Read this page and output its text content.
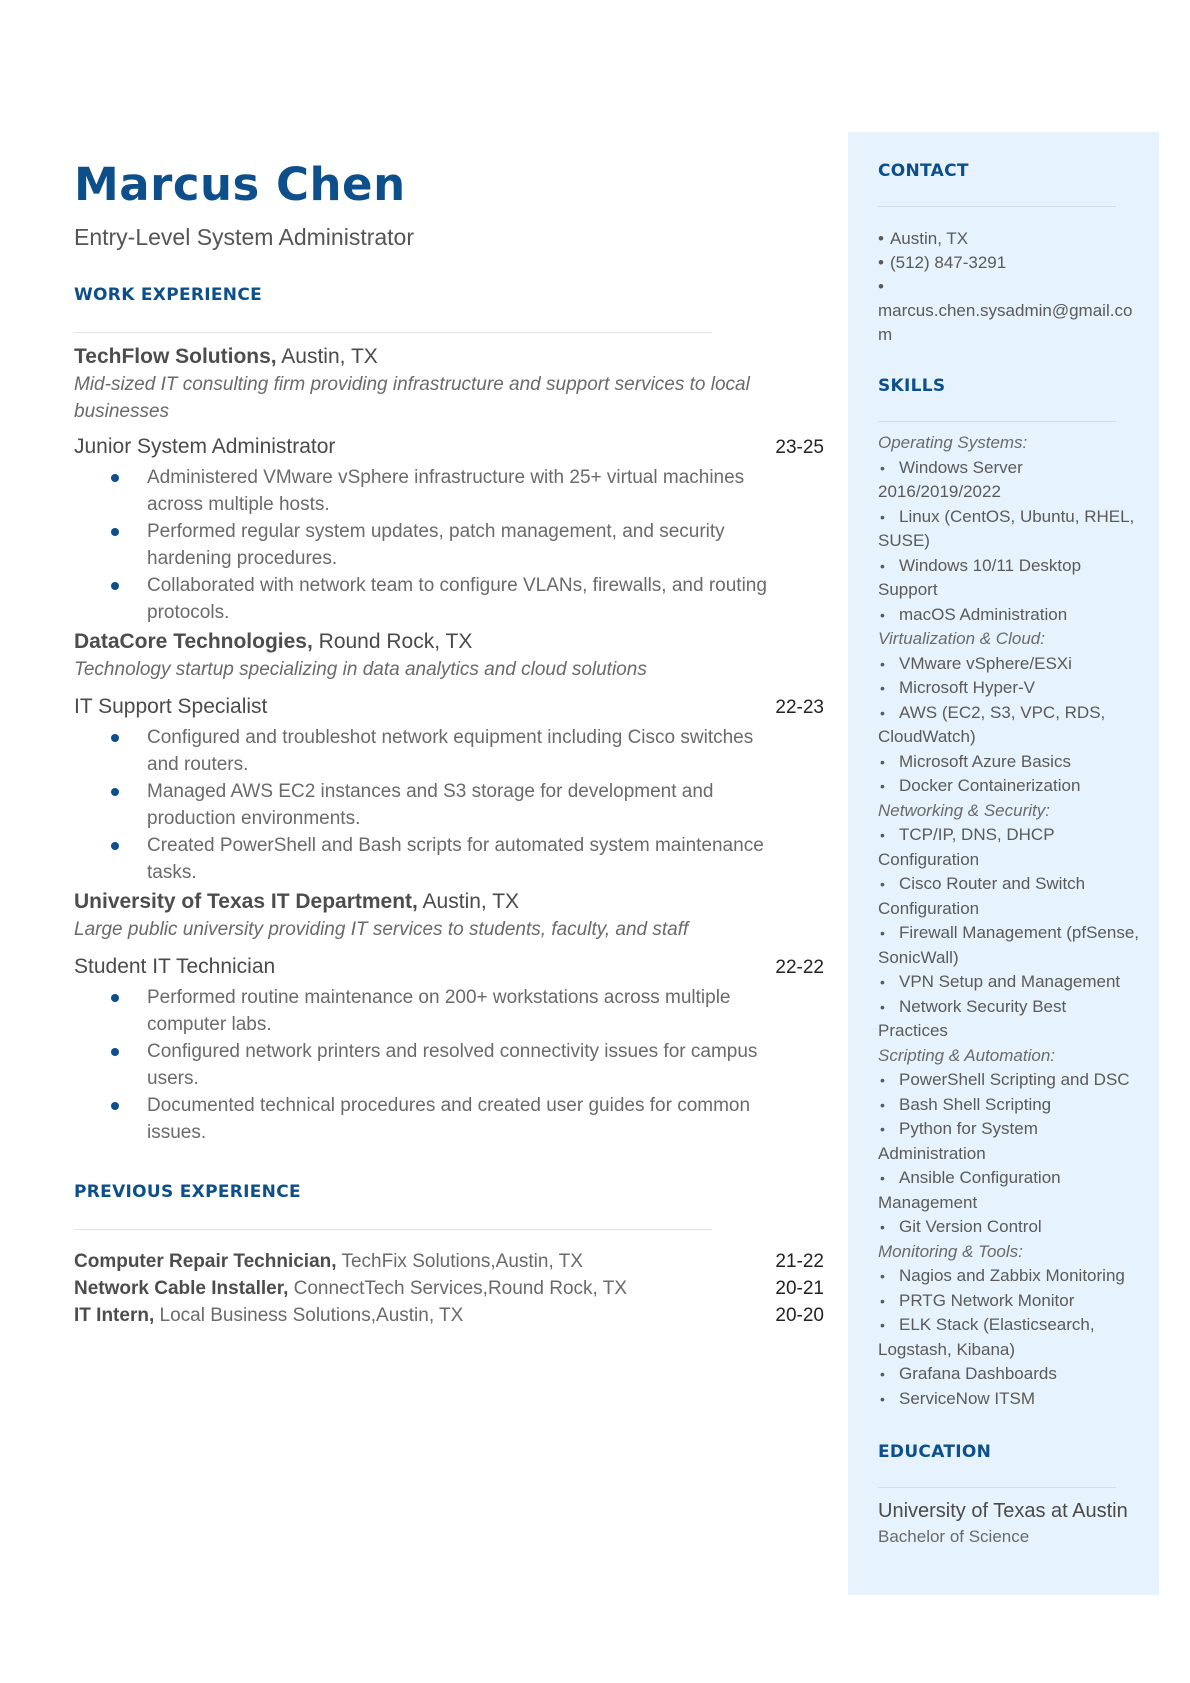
Marcus Chen
Entry-Level System Administrator
WORK EXPERIENCE
TechFlow Solutions, Austin, TX
Mid-sized IT consulting firm providing infrastructure and support services to local businesses
Junior System Administrator	23-25
Administered VMware vSphere infrastructure with 25+ virtual machines across multiple hosts.
Performed regular system updates, patch management, and security hardening procedures.
Collaborated with network team to configure VLANs, firewalls, and routing protocols.
DataCore Technologies, Round Rock, TX
Technology startup specializing in data analytics and cloud solutions
IT Support Specialist	22-23
Configured and troubleshot network equipment including Cisco switches and routers.
Managed AWS EC2 instances and S3 storage for development and production environments.
Created PowerShell and Bash scripts for automated system maintenance tasks.
University of Texas IT Department, Austin, TX
Large public university providing IT services to students, faculty, and staff
Student IT Technician	22-22
Performed routine maintenance on 200+ workstations across multiple computer labs.
Configured network printers and resolved connectivity issues for campus users.
Documented technical procedures and created user guides for common issues.
PREVIOUS EXPERIENCE
Computer Repair Technician, TechFix Solutions,Austin, TX	21-22
Network Cable Installer, ConnectTech Services,Round Rock, TX	20-21
IT Intern, Local Business Solutions,Austin, TX	20-20
CONTACT
• Austin, TX
• (512) 847-3291
•
marcus.chen.sysadmin@gmail.com
SKILLS
Operating Systems:
• Windows Server 2016/2019/2022
• Linux (CentOS, Ubuntu, RHEL, SUSE)
• Windows 10/11 Desktop Support
• macOS Administration
Virtualization & Cloud:
• VMware vSphere/ESXi
• Microsoft Hyper-V
• AWS (EC2, S3, VPC, RDS, CloudWatch)
• Microsoft Azure Basics
• Docker Containerization
Networking & Security:
• TCP/IP, DNS, DHCP Configuration
• Cisco Router and Switch Configuration
• Firewall Management (pfSense, SonicWall)
• VPN Setup and Management
• Network Security Best Practices
Scripting & Automation:
• PowerShell Scripting and DSC
• Bash Shell Scripting
• Python for System Administration
• Ansible Configuration Management
• Git Version Control
Monitoring & Tools:
• Nagios and Zabbix Monitoring
• PRTG Network Monitor
• ELK Stack (Elasticsearch, Logstash, Kibana)
• Grafana Dashboards
• ServiceNow ITSM
EDUCATION
University of Texas at Austin
Bachelor of Science
